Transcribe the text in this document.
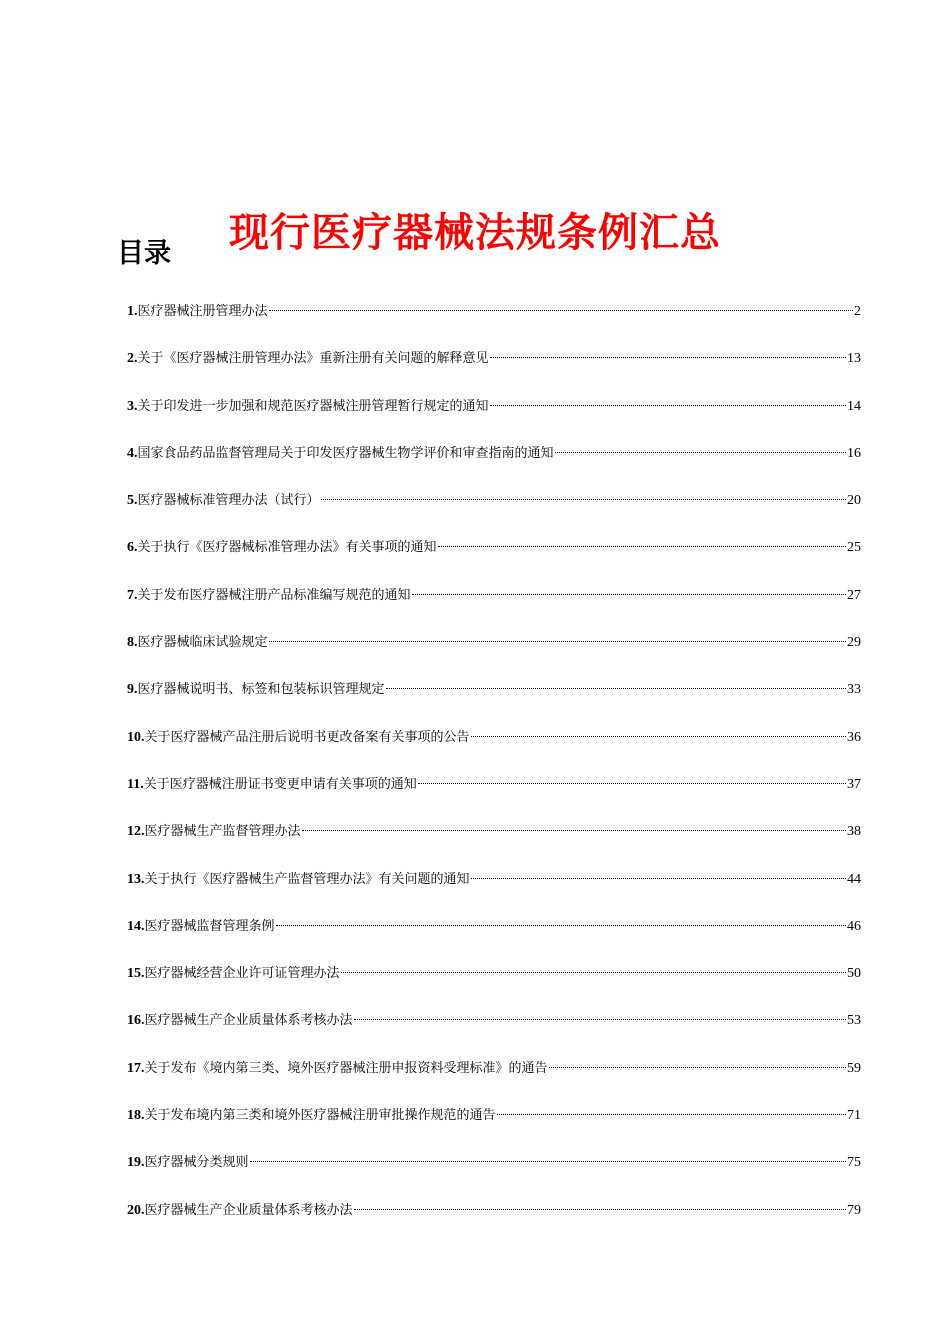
现行医疗器械法规条例汇总
目录
1. 医疗器械注册管理办法	2
2. 关于《医疗器械注册管理办法》重新注册有关问题的解释意见	13
3. 关于印发进一步加强和规范医疗器械注册管理暂行规定的通知	14
4. 国家食品药品监督管理局关于印发医疗器械生物学评价和审查指南的通知	16
5. 医疗器械标准管理办法（试行）	20
6. 关于执行《医疗器械标准管理办法》有关事项的通知	25
7. 关于发布医疗器械注册产品标准编写规范的通知	27
8. 医疗器械临床试验规定	29
9. 医疗器械说明书、标签和包装标识管理规定	33
10. 关于医疗器械产品注册后说明书更改备案有关事项的公告	36
11. 关于医疗器械注册证书变更申请有关事项的通知	37
12. 医疗器械生产监督管理办法	38
13. 关于执行《医疗器械生产监督管理办法》有关问题的通知	44
14. 医疗器械监督管理条例	46
15. 医疗器械经营企业许可证管理办法	50
16. 医疗器械生产企业质量体系考核办法	53
17. 关于发布《境内第三类、境外医疗器械注册申报资料受理标准》的通告	59
18. 关于发布境内第三类和境外医疗器械注册审批操作规范的通告	71
19. 医疗器械分类规则	75
20. 医疗器械生产企业质量体系考核办法	79
